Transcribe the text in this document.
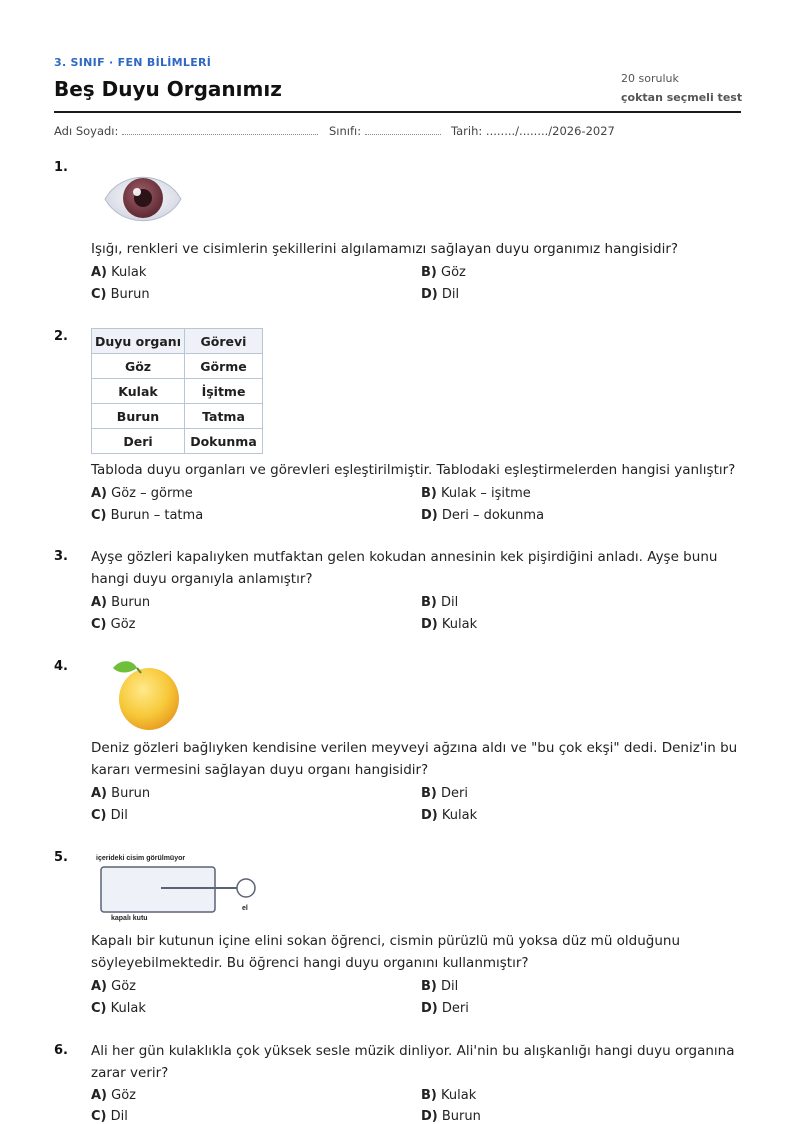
3. SINIF · FEN BİLİMLERİ
Beş Duyu Organımız	20 soruluk
çoktan seçmeli test
Adı Soyadı:	Sınıfı:	Tarih: ......../......../2026-2027
1.
Işığı, renkleri ve cisimlerin şekillerini algılamamızı sağlayan duyu organımız hangisidir?
A) Kulak	B) Göz
C) Burun	D) Dil
2. Duyu organı	Görevi
Göz	Görme
Kulak	İşitme
Burun	Tatma
Deri	Dokunma
Tabloda duyu organları ve görevleri eşleştirilmiştir. Tablodaki eşleştirmelerden hangisi yanlıştır?
A) Göz – görme	B) Kulak – işitme
C) Burun – tatma	D) Deri – dokunma
3. Ayşe gözleri kapalıyken mutfaktan gelen kokudan annesinin kek pişirdiğini anladı. Ayşe bunu hangi duyu organıyla anlamıştır?
A) Burun	B) Dil
C) Göz	D) Kulak
4.
Deniz gözleri bağlıyken kendisine verilen meyveyi ağzına aldı ve "bu çok ekşi" dedi. Deniz'in bu kararı vermesini sağlayan duyu organı hangisidir?
A) Burun	B) Deri
C) Dil	D) Kulak
5.	içerideki cisim görülmüyor
el
kapalı kutu
Kapalı bir kutunun içine elini sokan öğrenci, cismin pürüzlü mü yoksa düz mü olduğunu söyleyebilmektedir. Bu öğrenci hangi duyu organını kullanmıştır?
A) Göz	B) Dil
C) Kulak	D) Deri
6. Ali her gün kulaklıkla çok yüksek sesle müzik dinliyor. Ali'nin bu alışkanlığı hangi duyu organına zarar verir?
A) Göz	B) Kulak
C) Dil	D) Burun
